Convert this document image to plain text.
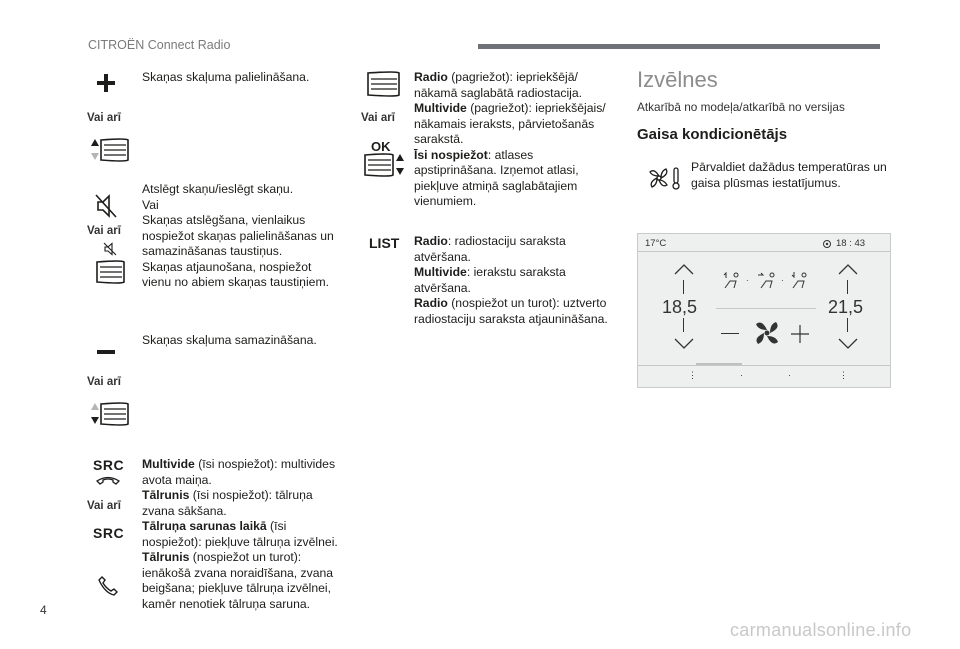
CITROËN Connect Radio
Skaņas skaļuma palielināšana.
Vai arī
Atslēgt skaņu/ieslēgt skaņu.
Vai
Skaņas atslēgšana, vienlaikus
nospiežot skaņas palielināšanas un
samazināšanas taustiņus.
Skaņas atjaunošana, nospiežot
vienu no abiem skaņas taustiņiem.
Vai arī
Skaņas skaļuma samazināšana.
Vai arī
SRC
Vai arī
SRC
Multivide (īsi nospiežot): multivides
avota maiņa.
Tālrunis (īsi nospiežot): tālruņa
zvana sākšana.
Tālruņa sarunas laikā (īsi
nospiežot): piekļuve tālruņa izvēlnei.
Tālrunis (nospiežot un turot):
ienākošā zvana noraidīšana, zvana
beigšana; piekļuve tālruņa izvēlnei,
kamēr nenotiek tālruņa saruna.
Vai arī
OK
LIST
Radio (pagriežot): iepriekšējā/
nākamā saglabātā radiostacija.
Multivide (pagriežot): iepriekšējais/
nākamais ieraksts, pārvietošanās
sarakstā.
Īsi nospiežot: atlases
apstiprināšana. Izņemot atlasi,
piekļuve atmiņā saglabātajiem
vienumiem.
Radio: radiostaciju saraksta
atvēršana.
Multivide: ierakstu saraksta
atvēršana.
Radio (nospiežot un turot): uztverto
radiostaciju saraksta atjaunināšana.
Izvēlnes
Atkarībā no modeļa/atkarībā no versijas
Gaisa kondicionētājs
Pārvaldiet dažādus temperatūras un
gaisa plūsmas iestatījumus.
17°C	18 : 43
18,5	21,5
·	·
⋮	·	·	⋮
4
carmanualsonline.info
